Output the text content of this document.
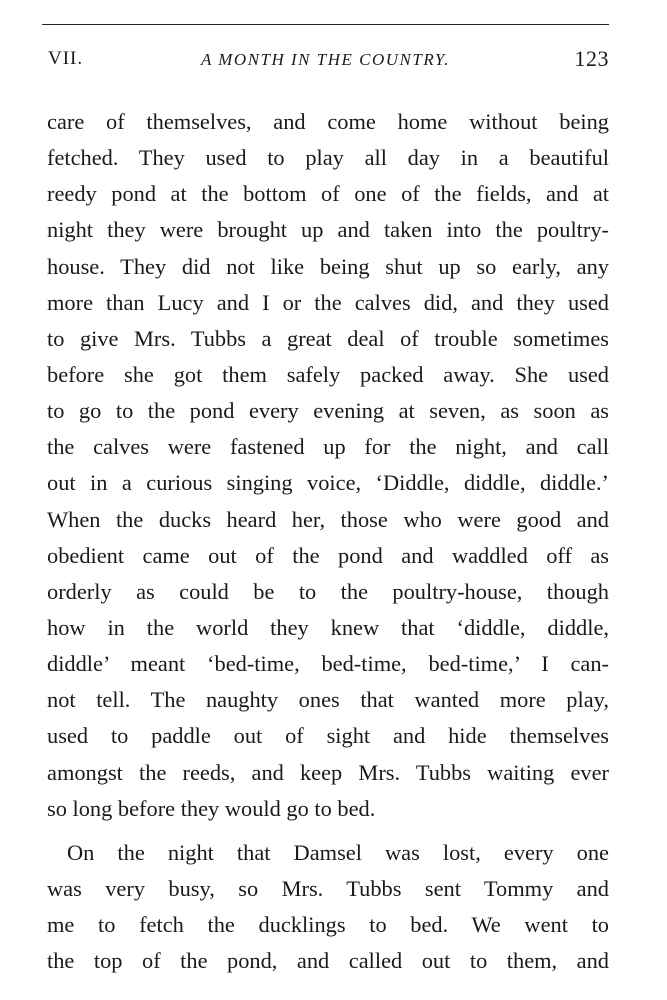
VII.	A MONTH IN THE COUNTRY.	123
care of themselves, and come home without being
fetched. They used to play all day in a beautiful
reedy pond at the bottom of one of the fields, and at
night they were brought up and taken into the poultry-
house. They did not like being shut up so early, any
more than Lucy and I or the calves did, and they used
to give Mrs. Tubbs a great deal of trouble sometimes
before she got them safely packed away. She used
to go to the pond every evening at seven, as soon as
the calves were fastened up for the night, and call
out in a curious singing voice, ‘Diddle, diddle, diddle.’
When the ducks heard her, those who were good and
obedient came out of the pond and waddled off as
orderly as could be to the poultry-house, though
how in the world they knew that ‘diddle, diddle,
diddle’ meant ‘bed-time, bed-time, bed-time,’ I can-
not tell. The naughty ones that wanted more play,
used to paddle out of sight and hide themselves
amongst the reeds, and keep Mrs. Tubbs waiting ever
so long before they would go to bed.
On the night that Damsel was lost, every one
was very busy, so Mrs. Tubbs sent Tommy and
me to fetch the ducklings to bed. We went to
the top of the pond, and called out to them, and
